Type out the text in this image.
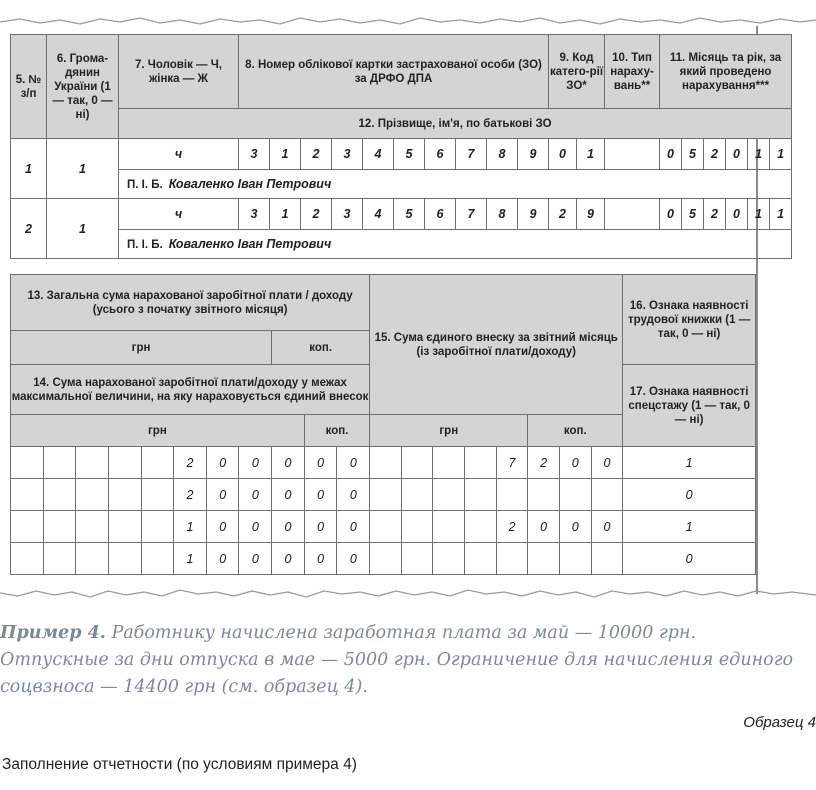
5. № з/п	6. Грома-дянин України (1 — так, 0 — ні)	7. Чоловік — Ч, жінка — Ж	8. Номер облікової картки застрахованої особи (ЗО) за ДРФО ДПА										9. Код катего-рії ЗО*		10. Тип нараху-вань**	11. Місяць та рік, за який проведено нарахування***					
		12. Прізвище, ім'я, по батькові ЗО																			
1	1	ч	3	1	2	3	4	5	6	7	8	9	0	1		0	5	2	0	1	1
		П. І. Б. Коваленко Іван Петрович																			
2	1	ч	3	1	2	3	4	5	6	7	8	9	2	9		0	5	2	0	1	1
		П. І. Б. Коваленко Іван Петрович																			
13. Загальна сума нарахованої заробітної плати / доходу (усього з початку звітного місяця)											15. Сума єдиного внеску за звітний місяць (із заробітної плати/доходу)								16. Ознака наявності трудової книжки (1 — так, 0 — ні)
грн								коп.											
14. Сума нарахованої заробітної плати/доходу у межах максимальної величини, на яку нараховується єдиний внесок																			17. Ознака наявності спецстажу (1 — так, 0 — ні)
грн									коп.		грн					коп.			

					2	0	0	0	0	0					7	2	0	0	1
					2	0	0	0	0	0									0
					1	0	0	0	0	0					2	0	0	0	1
					1	0	0	0	0	0									0
Пример 4. Работнику начислена заработная плата за май — 10000 грн. Отпускные за дни отпуска в мае — 5000 грн. Ограничение для начисления единого соцвзноса — 14400 грн (см. образец 4).
Образец 4
Заполнение отчетности (по условиям примера 4)
